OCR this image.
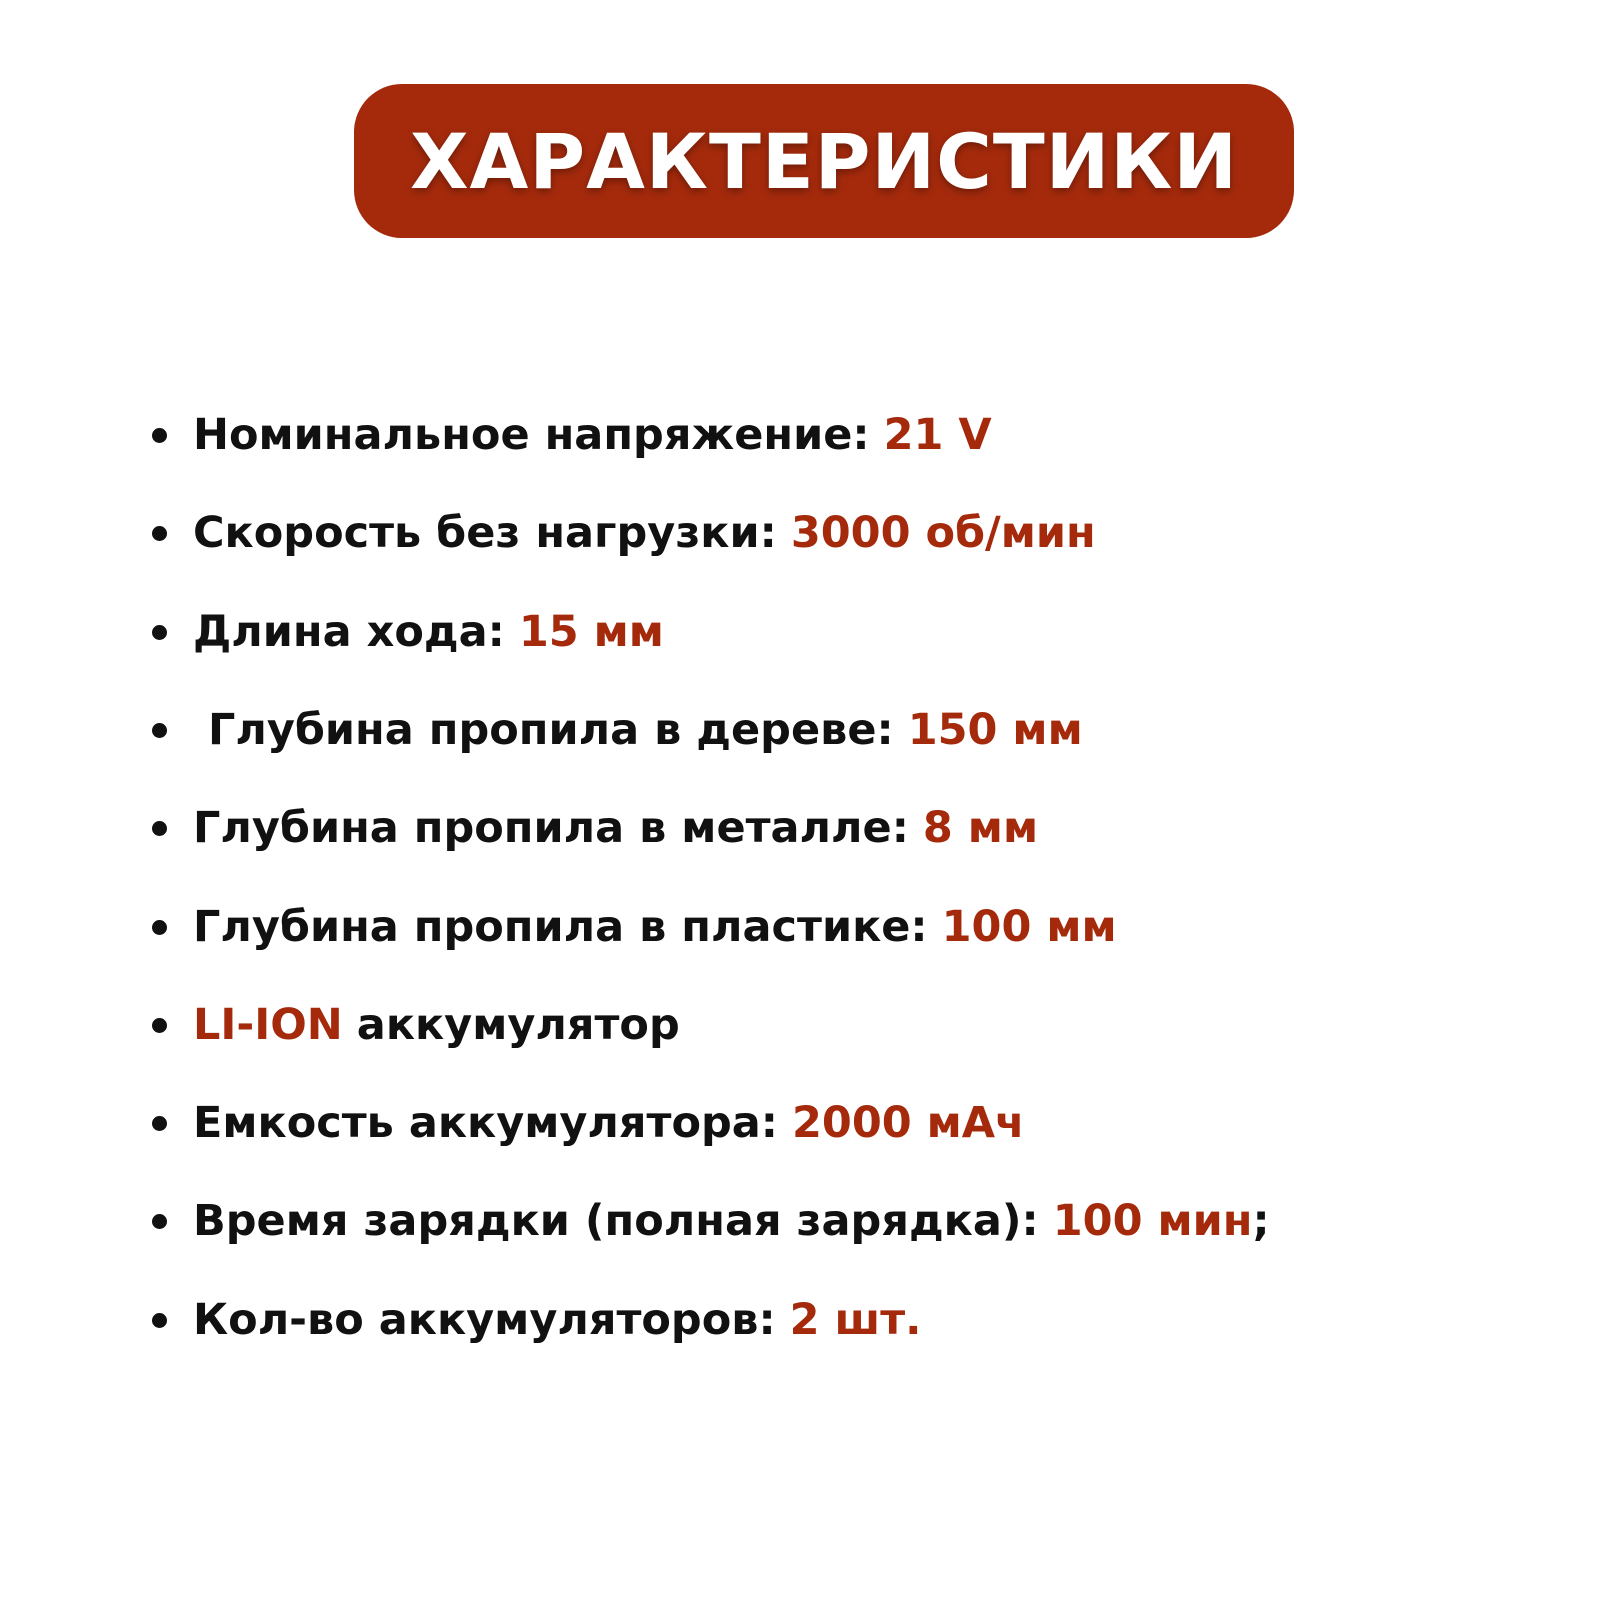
ХАРАКТЕРИСТИКИ
Номинальное напряжение: 21 V
Скорость без нагрузки: 3000 об/мин
Длина хода: 15 мм
Глубина пропила в дереве: 150 мм
Глубина пропила в металле: 8 мм
Глубина пропила в пластике: 100 мм
LI-ION аккумулятор
Емкость аккумулятора: 2000 мАч
Время зарядки (полная зарядка): 100 мин ;
Кол-во аккумуляторов: 2 шт.
